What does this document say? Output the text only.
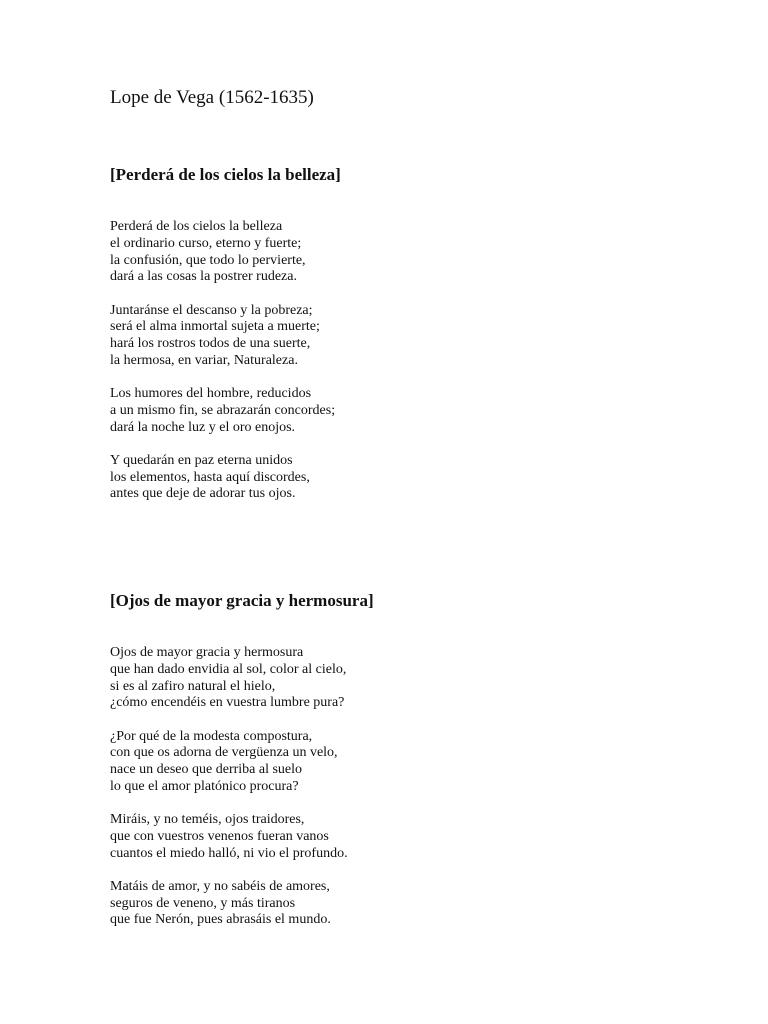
Lope de Vega (1562-1635)
[Perderá de los cielos la belleza]
Perderá de los cielos la belleza
el ordinario curso, eterno y fuerte;
la confusión, que todo lo pervierte,
dará a las cosas la postrer rudeza.
Juntaránse el descanso y la pobreza;
será el alma inmortal sujeta a muerte;
hará los rostros todos de una suerte,
la hermosa, en variar, Naturaleza.
Los humores del hombre, reducidos
a un mismo fin, se abrazarán concordes;
dará la noche luz y el oro enojos.
Y quedarán en paz eterna unidos
los elementos, hasta aquí discordes,
antes que deje de adorar tus ojos.
[Ojos de mayor gracia y hermosura]
Ojos de mayor gracia y hermosura
que han dado envidia al sol, color al cielo,
si es al zafiro natural el hielo,
¿cómo encendéis en vuestra lumbre pura?
¿Por qué de la modesta compostura,
con que os adorna de vergüenza un velo,
nace un deseo que derriba al suelo
lo que el amor platónico procura?
Miráis, y no teméis, ojos traidores,
que con vuestros venenos fueran vanos
cuantos el miedo halló, ni vio el profundo.
Matáis de amor, y no sabéis de amores,
seguros de veneno, y más tiranos
que fue Nerón, pues abrasáis el mundo.
